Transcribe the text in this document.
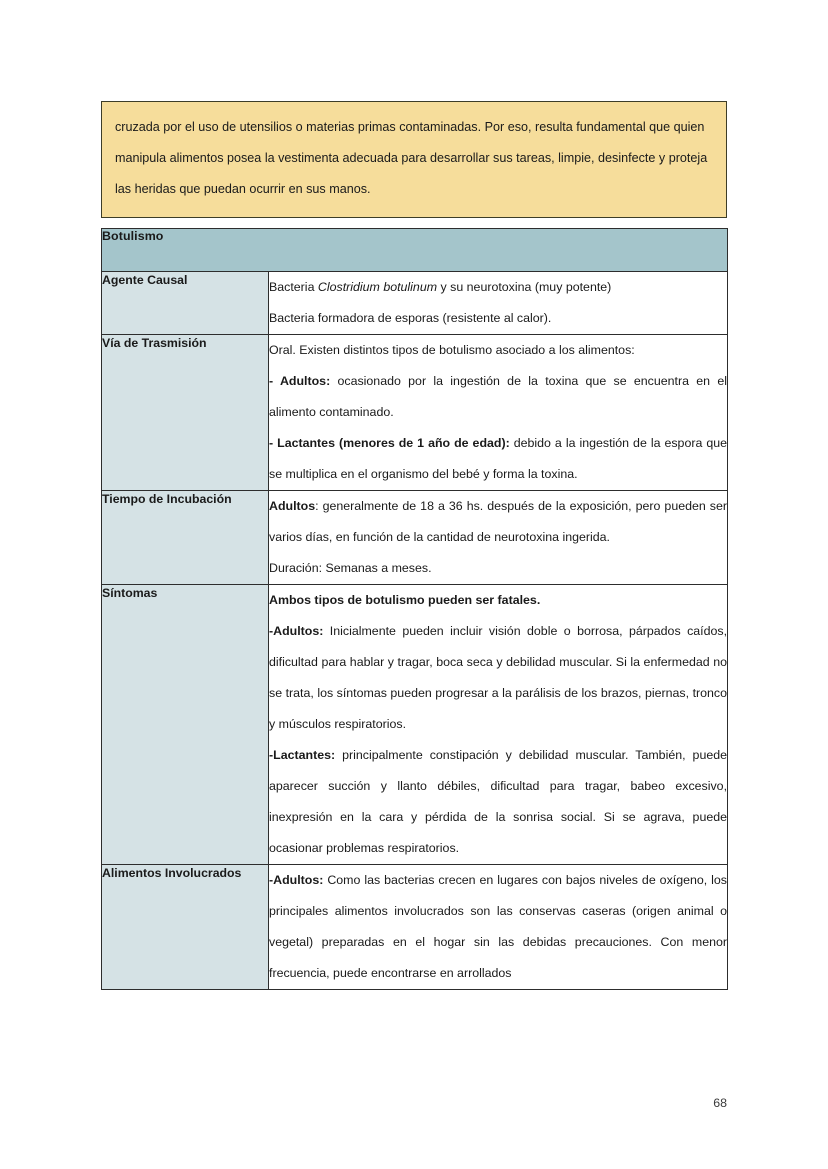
cruzada por el uso de utensilios o materias primas contaminadas. Por eso, resulta fundamental que quien manipula alimentos posea la vestimenta adecuada para desarrollar sus tareas, limpie, desinfecte y proteja las heridas que puedan ocurrir en sus manos.

Botulismo	
Agente Causal	Bacteria Clostridium botulinum y su neurotoxina (muy potente)

Bacteria formadora de esporas (resistente al calor).

Vía de Trasmisión	Oral. Existen distintos tipos de botulismo asociado a los alimentos:

- Adultos: ocasionado por la ingestión de la toxina que se encuentra en el alimento contaminado.

- Lactantes (menores de 1 año de edad): debido a la ingestión de la espora que se multiplica en el organismo del bebé y forma la toxina.

Tiempo de Incubación	Adultos: generalmente de 18 a 36 hs. después de la exposición, pero pueden ser varios días, en función de la cantidad de neurotoxina ingerida.

Duración: Semanas a meses.

Síntomas	Ambos tipos de botulismo pueden ser fatales.

-Adultos: Inicialmente pueden incluir visión doble o borrosa, párpados caídos, dificultad para hablar y tragar, boca seca y debilidad muscular. Si la enfermedad no se trata, los síntomas pueden progresar a la parálisis de los brazos, piernas, tronco y músculos respiratorios.

-Lactantes: principalmente constipación y debilidad muscular. También, puede aparecer succión y llanto débiles, dificultad para tragar, babeo excesivo, inexpresión en la cara y pérdida de la sonrisa social. Si se agrava, puede ocasionar problemas respiratorios.

Alimentos Involucrados	-Adultos: Como las bacterias crecen en lugares con bajos niveles de oxígeno, los principales alimentos involucrados son las conservas caseras (origen animal o vegetal) preparadas en el hogar sin las debidas precauciones. Con menor frecuencia, puede encontrarse en arrollados

68
